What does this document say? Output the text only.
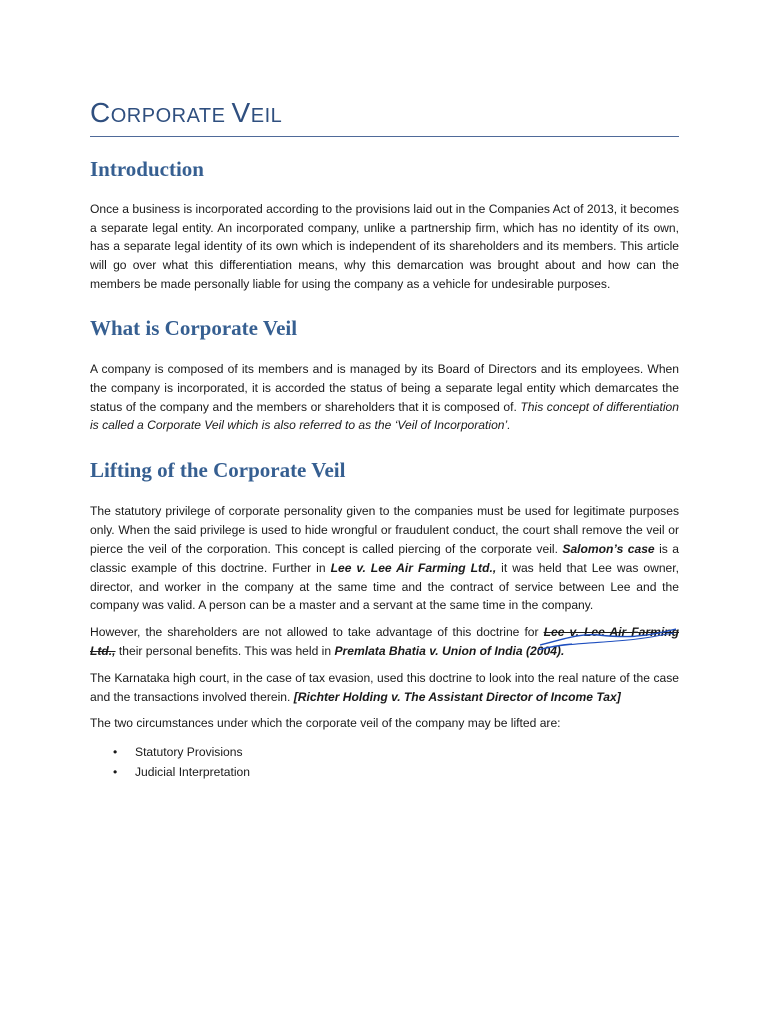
CORPORATE VEIL
Introduction

Once a business is incorporated according to the provisions laid out in the Companies Act of 2013, it becomes a separate legal entity. An incorporated company, unlike a partnership firm, which has no identity of its own, has a separate legal identity of its own which is independent of its shareholders and its members. This article will go over what this differentiation means, why this demarcation was brought about and how can the members be made personally liable for using the company as a vehicle for undesirable purposes.

What is Corporate Veil

A company is composed of its members and is managed by its Board of Directors and its employees. When the company is incorporated, it is accorded the status of being a separate legal entity which demarcates the status of the company and the members or shareholders that it is composed of. This concept of differentiation is called a Corporate Veil which is also referred to as the ‘Veil of Incorporation’.

Lifting of the Corporate Veil

The statutory privilege of corporate personality given to the companies must be used for legitimate purposes only. When the said privilege is used to hide wrongful or fraudulent conduct, the court shall remove the veil or pierce the veil of the corporation. This concept is called piercing of the corporate veil. Salomon’s case is a classic example of this doctrine. Further in Lee v. Lee Air Farming Ltd., it was held that Lee was owner, director, and worker in the company at the same time and the contract of service between Lee and the company was valid. A person can be a master and a servant at the same time in the company.

However, the shareholders are not allowed to take advantage of this doctrine for Lee v. Lee Air Farming Ltd.,
their personal benefits. This was held in Premlata Bhatia v. Union of India (2004).

The Karnataka high court, in the case of tax evasion, used this doctrine to look into the real nature of the case and the transactions involved therein. [Richter Holding v. The Assistant Director of Income Tax]

The two circumstances under which the corporate veil of the company may be lifted are:

• Statutory Provisions
• Judicial Interpretation
